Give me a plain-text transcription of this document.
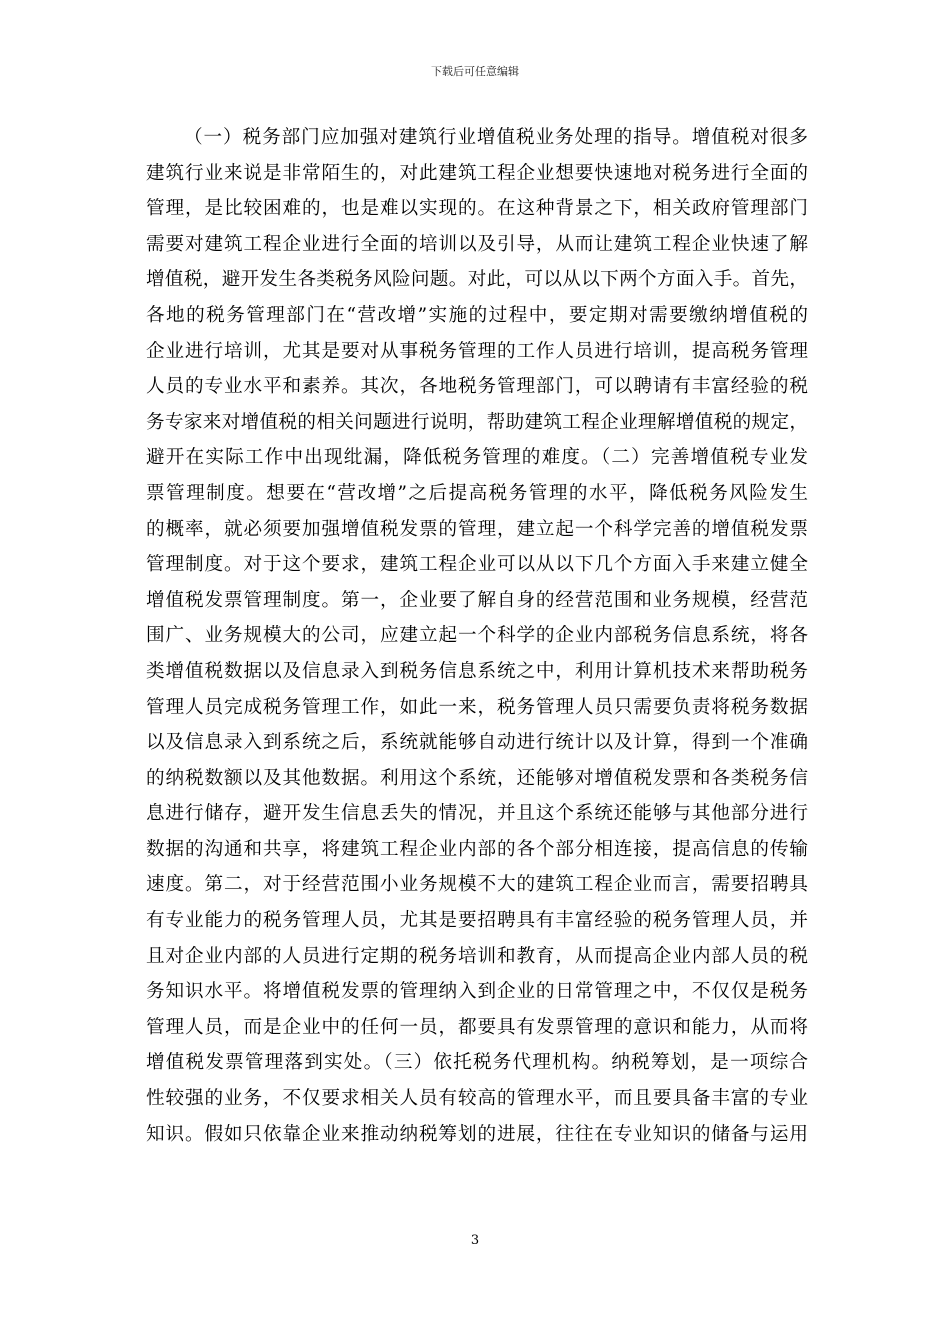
下载后可任意编辑
（一）税务部门应加强对建筑行业增值税业务处理的指导。增值税对很多
建筑行业来说是非常陌生的，对此建筑工程企业想要快速地对税务进行全面的
管理，是比较困难的，也是难以实现的。在这种背景之下，相关政府管理部门
需要对建筑工程企业进行全面的培训以及引导，从而让建筑工程企业快速了解
增值税，避开发生各类税务风险问题。对此，可以从以下两个方面入手。首先，
各地的税务管理部门在“营改增”实施的过程中，要定期对需要缴纳增值税的
企业进行培训，尤其是要对从事税务管理的工作人员进行培训，提高税务管理
人员的专业水平和素养。其次，各地税务管理部门，可以聘请有丰富经验的税
务专家来对增值税的相关问题进行说明，帮助建筑工程企业理解增值税的规定，
避开在实际工作中出现纰漏，降低税务管理的难度。（二）完善增值税专业发
票管理制度。想要在“营改增”之后提高税务管理的水平，降低税务风险发生
的概率，就必须要加强增值税发票的管理，建立起一个科学完善的增值税发票
管理制度。对于这个要求，建筑工程企业可以从以下几个方面入手来建立健全
增值税发票管理制度。第一，企业要了解自身的经营范围和业务规模，经营范
围广、业务规模大的公司，应建立起一个科学的企业内部税务信息系统，将各
类增值税数据以及信息录入到税务信息系统之中，利用计算机技术来帮助税务
管理人员完成税务管理工作，如此一来，税务管理人员只需要负责将税务数据
以及信息录入到系统之后，系统就能够自动进行统计以及计算，得到一个准确
的纳税数额以及其他数据。利用这个系统，还能够对增值税发票和各类税务信
息进行储存，避开发生信息丢失的情况，并且这个系统还能够与其他部分进行
数据的沟通和共享，将建筑工程企业内部的各个部分相连接，提高信息的传输
速度。第二，对于经营范围小业务规模不大的建筑工程企业而言，需要招聘具
有专业能力的税务管理人员，尤其是要招聘具有丰富经验的税务管理人员，并
且对企业内部的人员进行定期的税务培训和教育，从而提高企业内部人员的税
务知识水平。将增值税发票的管理纳入到企业的日常管理之中，不仅仅是税务
管理人员，而是企业中的任何一员，都要具有发票管理的意识和能力，从而将
增值税发票管理落到实处。（三）依托税务代理机构。纳税筹划，是一项综合
性较强的业务，不仅要求相关人员有较高的管理水平，而且要具备丰富的专业
知识。假如只依靠企业来推动纳税筹划的进展，往往在专业知识的储备与运用
3
